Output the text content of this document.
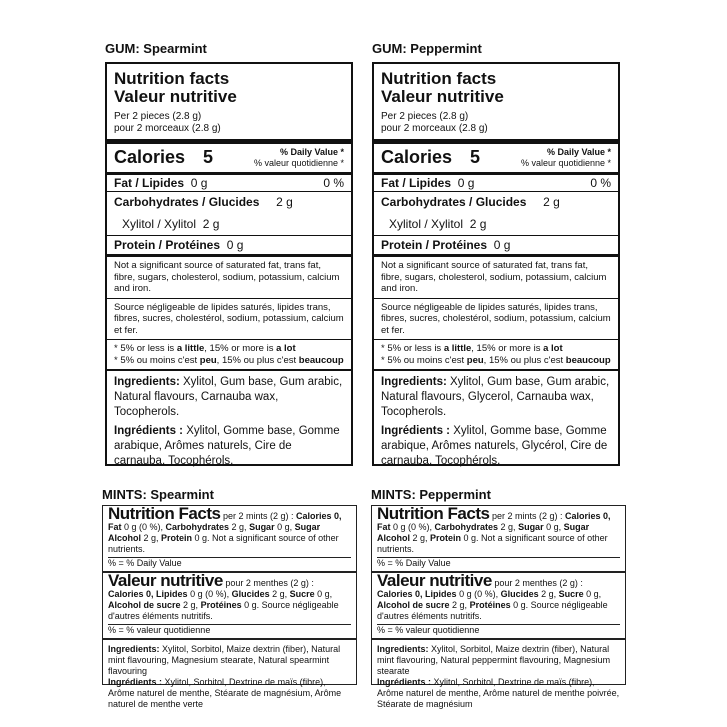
GUM: Spearmint
Nutrition facts
Valeur nutritive
Per 2 pieces (2.8 g)
pour 2 morceaux (2.8 g)
Calories 5	% Daily Value *
% valeur quotidienne *
Fat / Lipides 0 g	0 %
Carbohydrates / Glucides 2 g
Xylitol / Xylitol  2 g
Protein / Protéines 0 g
Not a significant source of saturated fat, trans fat, fibre, sugars, cholesterol, sodium, potassium, calcium and iron.
Source négligeable de lipides saturés, lipides trans, fibres, sucres, cholestérol, sodium, potassium, calcium et fer.
* 5% or less is a little, 15% or more is a lot
* 5% ou moins c'est peu, 15% ou plus c'est beaucoup

Ingredients: Xylitol, Gum base, Gum arabic, Natural flavours, Carnauba wax, Tocopherols.

Ingrédients : Xylitol, Gomme base, Gomme arabique, Arômes naturels, Cire de carnauba, Tocophérols.

GUM: Peppermint
Nutrition facts
Valeur nutritive
Per 2 pieces (2.8 g)
pour 2 morceaux (2.8 g)
Calories 5	% Daily Value *
% valeur quotidienne *
Fat / Lipides 0 g	0 %
Carbohydrates / Glucides 2 g
Xylitol / Xylitol  2 g
Protein / Protéines 0 g
Not a significant source of saturated fat, trans fat, fibre, sugars, cholesterol, sodium, potassium, calcium and iron.
Source négligeable de lipides saturés, lipides trans, fibres, sucres, cholestérol, sodium, potassium, calcium et fer.
* 5% or less is a little, 15% or more is a lot
* 5% ou moins c'est peu, 15% ou plus c'est beaucoup

Ingredients: Xylitol, Gum base, Gum arabic, Natural flavours, Glycerol, Carnauba wax, Tocopherols.

Ingrédients : Xylitol, Gomme base, Gomme arabique, Arômes naturels, Glycérol, Cire de carnauba, Tocophérols.

MINTS: Spearmint
Nutrition Facts per 2 mints (2 g) : Calories 0, Fat 0 g (0 %), Carbohydrates 2 g, Sugar 0 g, Sugar Alcohol 2 g, Protein 0 g. Not a significant source of other nutrients.
% = % Daily Value
Valeur nutritive pour 2 menthes (2 g) : Calories 0, Lipides 0 g (0 %), Glucides 2 g, Sucre 0 g, Alcohol de sucre 2 g, Protéines 0 g. Source négligeable d'autres éléments nutritifs.
% = % valeur quotidienne
Ingredients: Xylitol, Sorbitol, Maize dextrin (fiber), Natural mint flavouring, Magnesium stearate, Natural spearmint flavouring
Ingrédients : Xylitol, Sorbitol, Dextrine de maïs (fibre), Arôme naturel de menthe, Stéarate de magnésium, Arôme naturel de menthe verte
MINTS: Peppermint
Nutrition Facts per 2 mints (2 g) : Calories 0, Fat 0 g (0 %), Carbohydrates 2 g, Sugar 0 g, Sugar Alcohol 2 g, Protein 0 g. Not a significant source of other nutrients.
% = % Daily Value
Valeur nutritive pour 2 menthes (2 g) : Calories 0, Lipides 0 g (0 %), Glucides 2 g, Sucre 0 g, Alcohol de sucre 2 g, Protéines 0 g. Source négligeable d'autres éléments nutritifs.
% = % valeur quotidienne
Ingredients: Xylitol, Sorbitol, Maize dextrin (fiber), Natural mint flavouring, Natural peppermint flavouring, Magnesium stearate
Ingrédients : Xylitol, Sorbitol, Dextrine de maïs (fibre), Arôme naturel de menthe, Arôme naturel de menthe poivrée, Stéarate de magnésium
